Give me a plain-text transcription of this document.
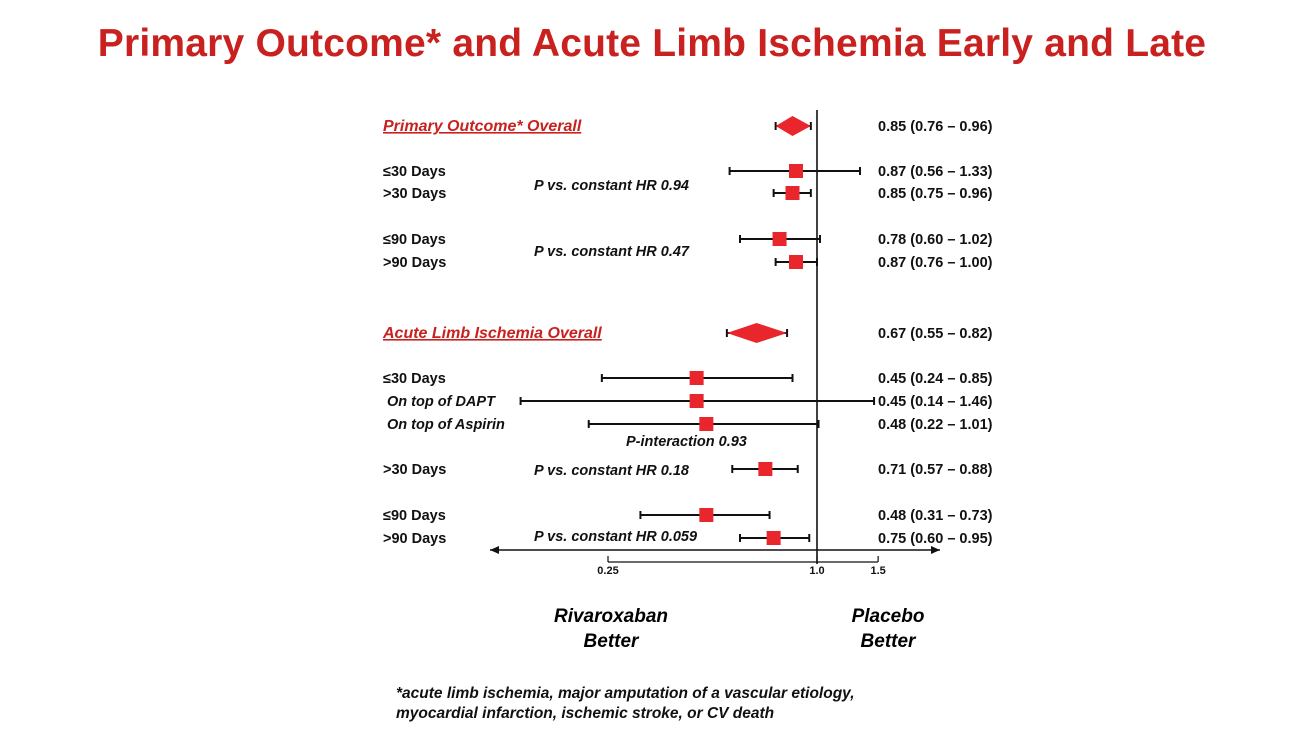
Primary Outcome* and Acute Limb Ischemia Early and Late
0.25	1.0	1.5
Primary Outcome* Overall	0.85 (0.76 – 0.96)
≤30 Days	0.87 (0.56 – 1.33)
>30 Days	0.85 (0.75 – 0.96)
≤90 Days	0.78 (0.60 – 1.02)
>90 Days	0.87 (0.76 – 1.00)
Acute Limb Ischemia Overall	0.67 (0.55 – 0.82)
≤30 Days	0.45 (0.24 – 0.85)
On top of DAPT	0.45 (0.14 – 1.46)
On top of Aspirin	0.48 (0.22 – 1.01)
>30 Days	0.71 (0.57 – 0.88)
≤90 Days	0.48 (0.31 – 0.73)
>90 Days	0.75 (0.60 – 0.95)
P vs. constant HR 0.94
P vs. constant HR 0.47
P-interaction 0.93
P vs. constant HR 0.18
P vs. constant HR 0.059
Rivaroxaban
Better
Placebo
Better
*acute limb ischemia, major amputation of a vascular etiology,
myocardial infarction, ischemic stroke, or CV death
